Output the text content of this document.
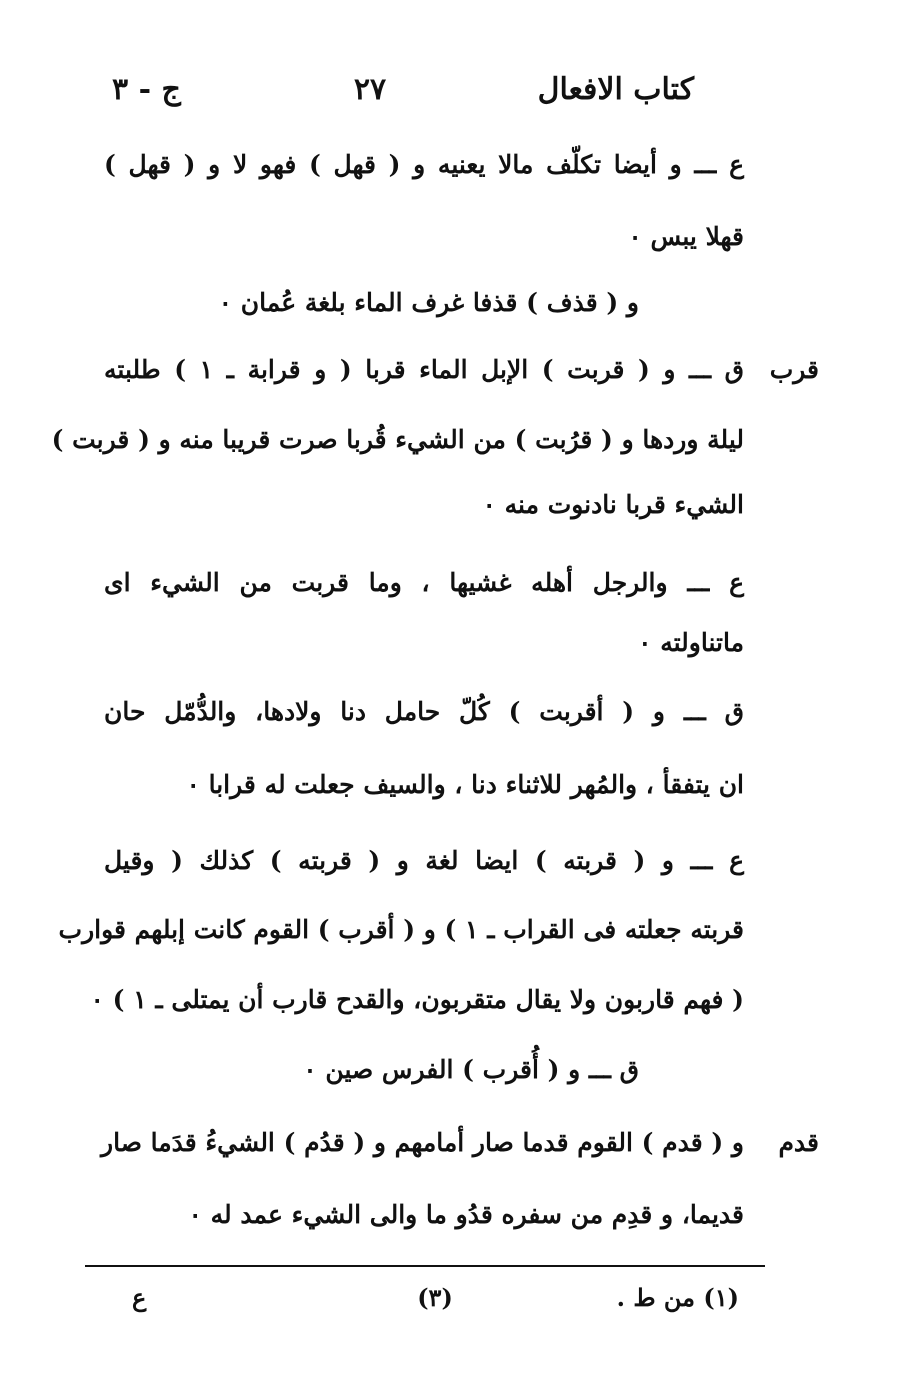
كتاب الافعال
٢٧
ج - ٣
قرب
قدم
ع ـــ و أيضا تكلّف مالا يعنيه و ( قهل ) فهو لا و ( قهل )
قهلا يبس ٠
و ( قذف ) قذفا غرف الماء بلغة عُمان ٠
ق ـــ و ( قربت ) الإبل الماء قربا ( و قرابة ـ ١ ) طلبته
ليلة وردها و ( قرُبت ) من الشيء قُربا صرت قريبا منه و ( قربت )
الشيء قربا نادنوت منه ٠
ع ـــ والرجل أهله غشيها ، وما قربت من الشيء اى
ماتناولته ٠
ق ـــ و ( أقربت ) كُلّ حامل دنا ولادها، والدُّمّل حان
ان يتفقأ ، والمُهر للاثناء دنا ، والسيف جعلت له قرابا ٠
ع ـــ و ( قربته ) ايضا لغة و ( قربته ) كذلك ( وقيل
قربته جعلته فى القراب ـ ١ ) و ( أقرب ) القوم كانت إبلهم قوارب
( فهم قاربون ولا يقال متقربون، والقدح قارب أن يمتلى ـ ١ ) ٠
ق ـــ و ( أُقرب ) الفرس صين ٠
و ( قدم ) القوم قدما صار أمامهم و ( قدُم ) الشيءُ قدَما صار
قديما، و قدِم من سفره قدُو ما والى الشيء عمد له ٠
(١) من ط .
(٣)
ع
